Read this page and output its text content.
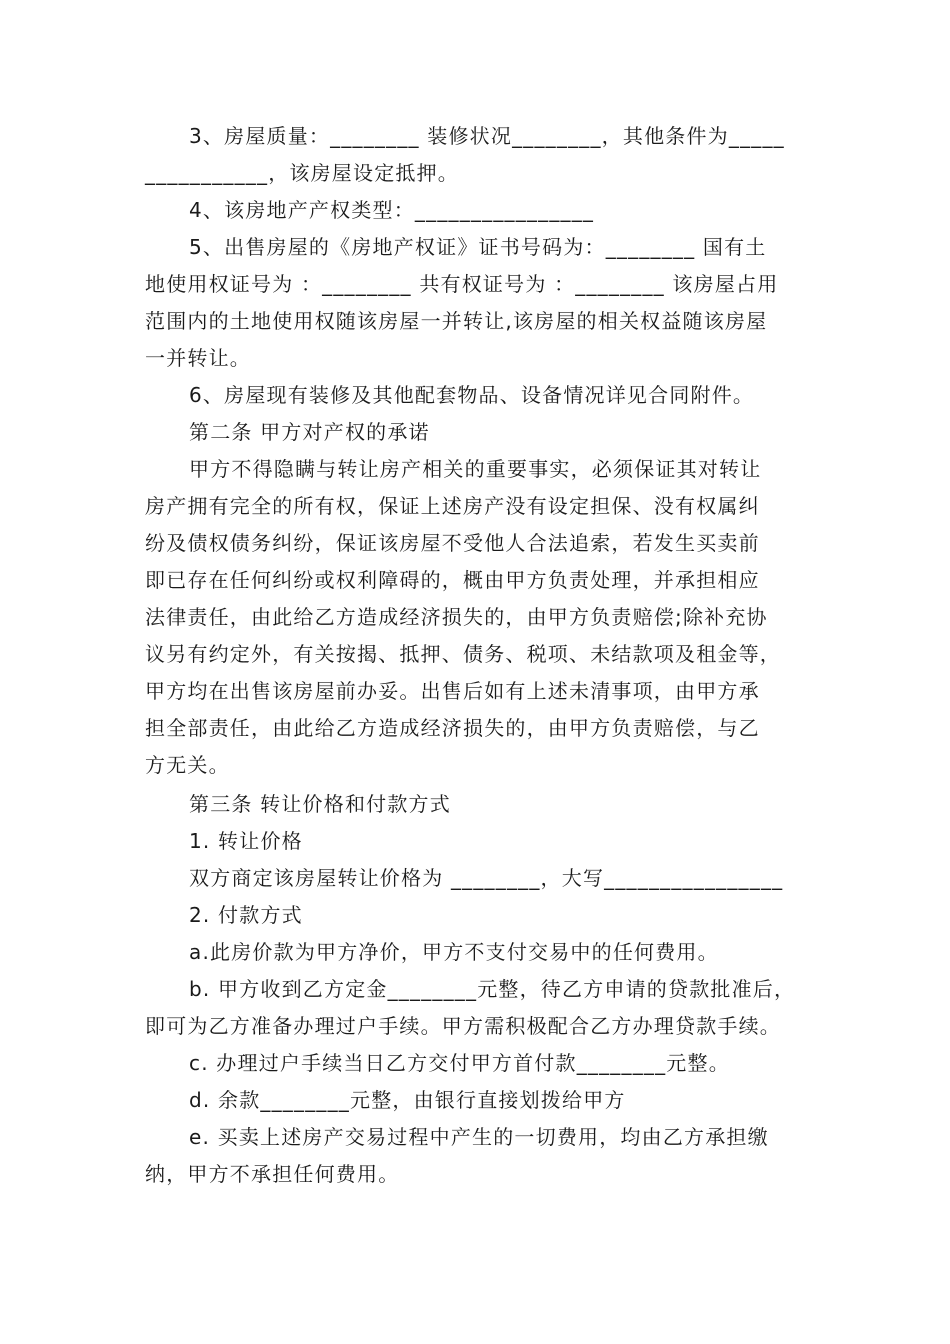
3、房屋质量：________ 装修状况________，其他条件为_____
___________，该房屋设定抵押。
4、该房地产产权类型：________________
5、出售房屋的《房地产权证》证书号码为：________ 国有土
地使用权证号为 ：________ 共有权证号为 ：________ 该房屋占用
范围内的土地使用权随该房屋一并转让,该房屋的相关权益随该房屋
一并转让。
6、房屋现有装修及其他配套物品、设备情况详见合同附件。
第二条 甲方对产权的承诺
甲方不得隐瞒与转让房产相关的重要事实，必须保证其对转让
房产拥有完全的所有权，保证上述房产没有设定担保、没有权属纠
纷及债权债务纠纷，保证该房屋不受他人合法追索，若发生买卖前
即已存在任何纠纷或权利障碍的，概由甲方负责处理，并承担相应
法律责任，由此给乙方造成经济损失的，由甲方负责赔偿;除补充协
议另有约定外，有关按揭、抵押、债务、税项、未结款项及租金等，
甲方均在出售该房屋前办妥。出售后如有上述未清事项，由甲方承
担全部责任，由此给乙方造成经济损失的，由甲方负责赔偿，与乙
方无关。
第三条 转让价格和付款方式
1. 转让价格
双方商定该房屋转让价格为 ________，大写________________
2. 付款方式
a.此房价款为甲方净价，甲方不支付交易中的任何费用。
b. 甲方收到乙方定金________元整，待乙方申请的贷款批准后，
即可为乙方准备办理过户手续。甲方需积极配合乙方办理贷款手续。
c. 办理过户手续当日乙方交付甲方首付款________元整。
d. 余款________元整，由银行直接划拨给甲方
e. 买卖上述房产交易过程中产生的一切费用，均由乙方承担缴
纳，甲方不承担任何费用。
